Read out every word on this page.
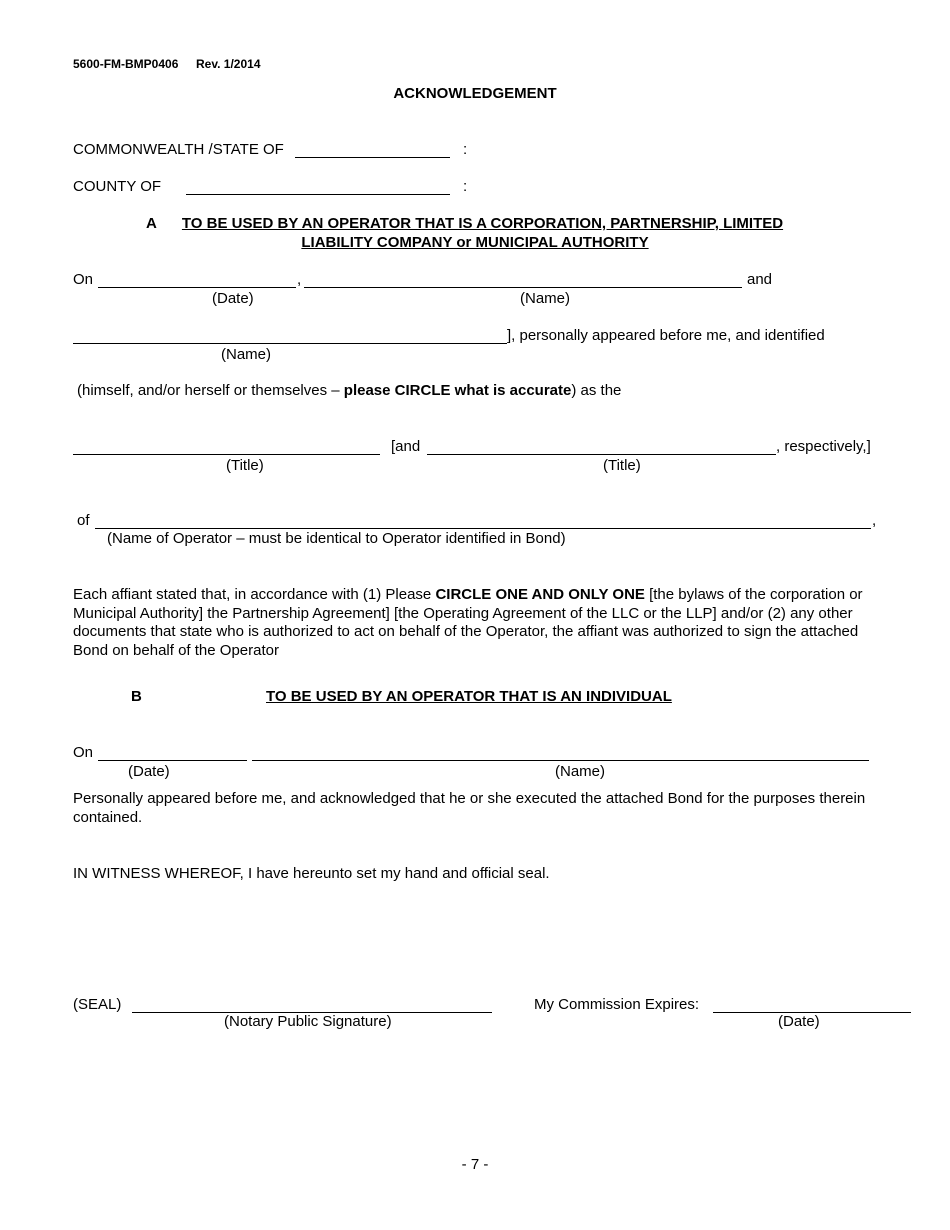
5600-FM-BMP0406 Rev. 1/2014
ACKNOWLEDGEMENT
COMMONWEALTH /STATE OF	:
COUNTY OF	:
A	TO BE USED BY AN OPERATOR THAT IS A CORPORATION, PARTNERSHIP, LIMITED
LIABILITY COMPANY or MUNICIPAL AUTHORITY
On	,	and
(Date)	(Name)
], personally appeared before me, and identified
(Name)
(himself, and/or herself or themselves – please CIRCLE what is accurate) as the
[and	, respectively,]
(Title)	(Title)
of	,
(Name of Operator – must be identical to Operator identified in Bond)
Each affiant stated that, in accordance with (1) Please CIRCLE ONE AND ONLY ONE [the bylaws of the corporation or Municipal Authority] the Partnership Agreement] [the Operating Agreement of the LLC or the LLP] and/or (2) any other documents that state who is authorized to act on behalf of the Operator, the affiant was authorized to sign the attached Bond on behalf of the Operator
B	TO BE USED BY AN OPERATOR THAT IS AN INDIVIDUAL
On
(Date)	(Name)
Personally appeared before me, and acknowledged that he or she executed the attached Bond for the purposes therein contained.
IN WITNESS WHEREOF, I have hereunto set my hand and official seal.
(SEAL)
(Notary Public Signature)
My Commission Expires:
(Date)
- 7 -
